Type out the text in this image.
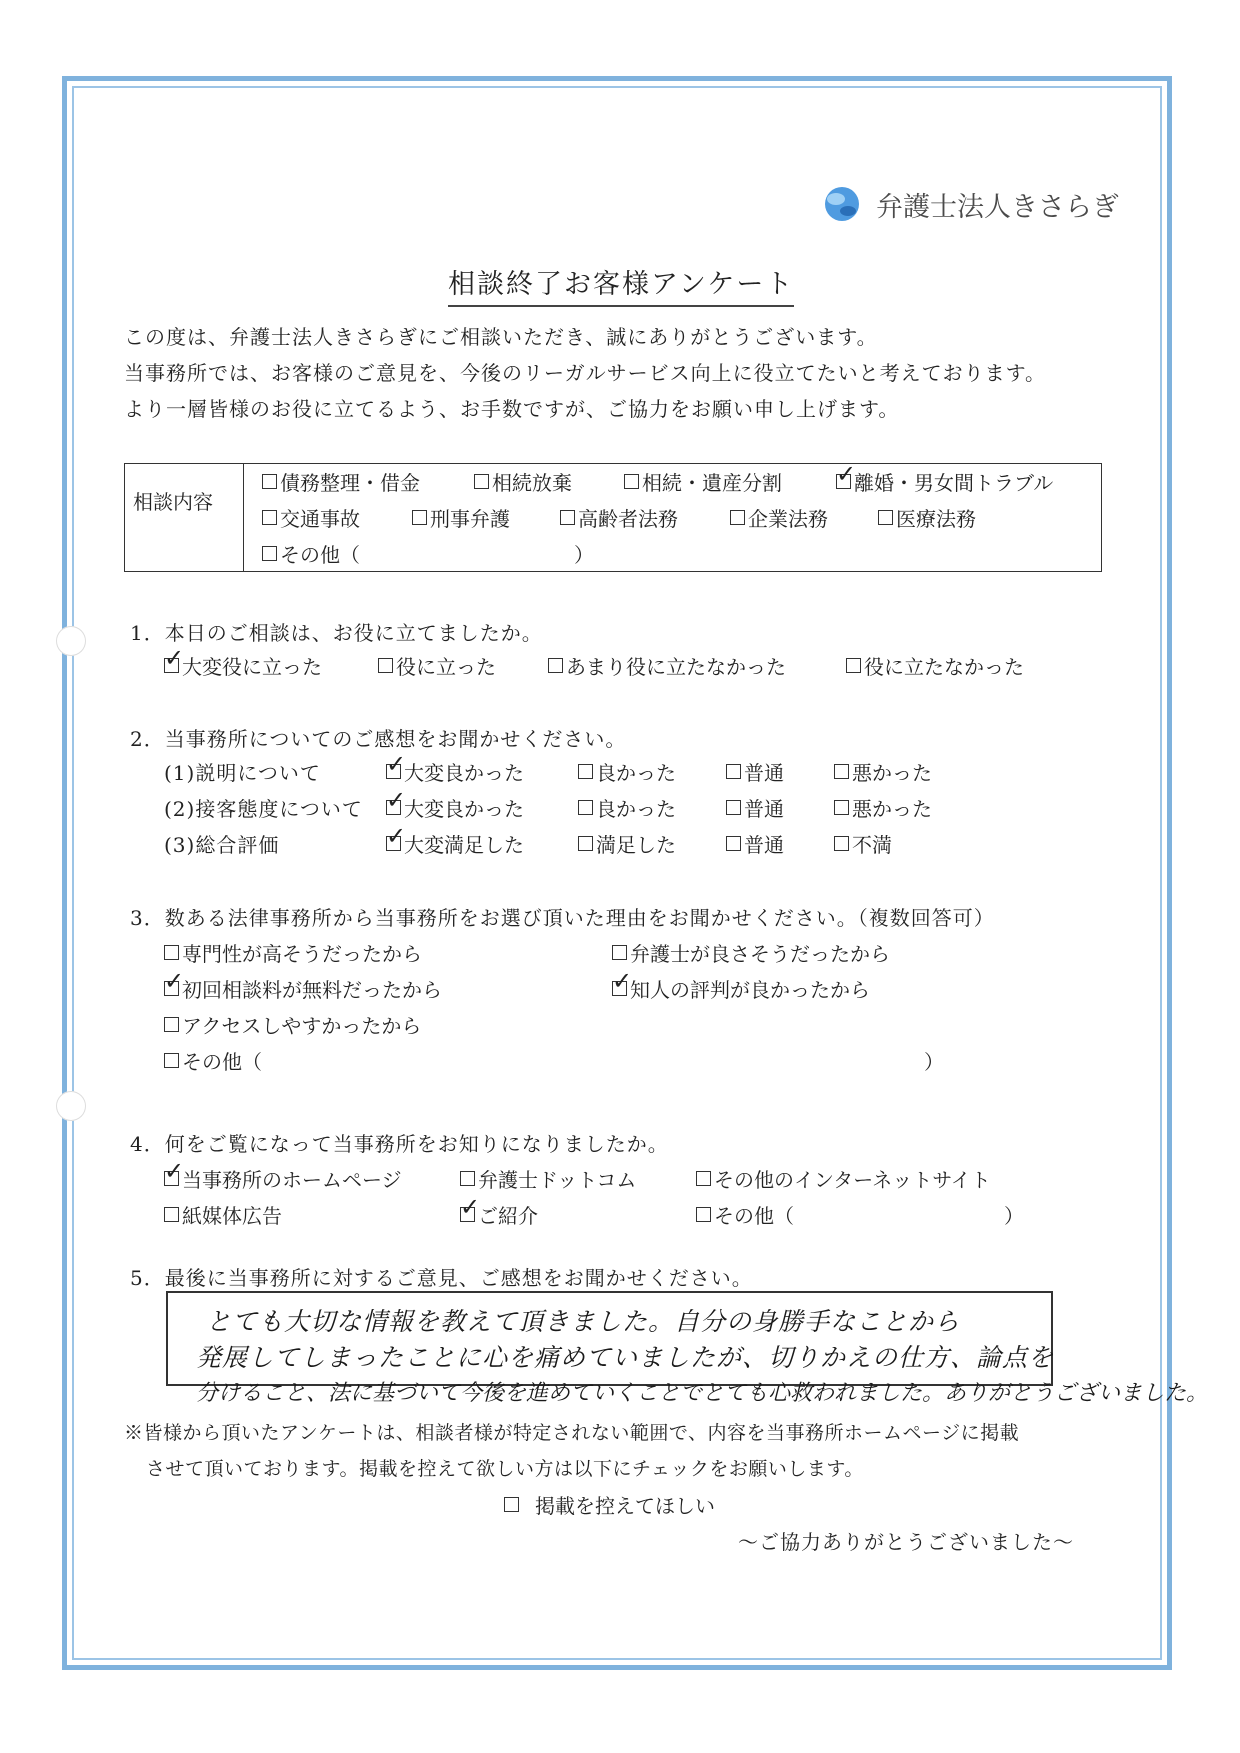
弁護士法人きさらぎ
相談終了お客様アンケート
この度は、弁護士法人きさらぎにご相談いただき、誠にありがとうございます。
当事務所では、お客様のご意見を、今後のリーガルサービス向上に役立てたいと考えております。
より一層皆様のお役に立てるよう、お手数ですが、ご協力をお願い申し上げます。
相談内容
債務整理・借金	相続放棄	相続・遺産分割 ✓	離婚・男女間トラブル
交通事故	刑事弁護	高齢者法務	企業法務	医療法務
その他（	）
1．本日のご相談は、お役に立てましたか。
✓
大変役に立った	役に立った	あまり役に立たなかった	役に立たなかった
2．当事務所についてのご感想をお聞かせください。
(1)説明について ✓	大変良かった	良かった	普通	悪かった
(2)接客態度について ✓ 大変良かった	良かった	普通	悪かった
(3)総合評価 ✓	大変満足した	満足した	普通	不満
3．数ある法律事務所から当事務所をお選び頂いた理由をお聞かせください。（複数回答可）
専門性が高そうだったから	弁護士が良さそうだったから
✓
初回相談料が無料だったから ✓	知人の評判が良かったから
アクセスしやすかったから
その他（	）
4．何をご覧になって当事務所をお知りになりましたか。
✓
当事務所のホームページ	弁護士ドットコム	その他のインターネットサイト
紙媒体広告 ✓	ご紹介	その他（	）
5．最後に当事務所に対するご意見、ご感想をお聞かせください。
とても大切な情報を教えて頂きました。自分の身勝手なことから
発展してしまったことに心を痛めていましたが、切りかえの仕方、論点を
分けること、法に基づいて今後を進めていくことでとても心救われました。ありがとうございました。
※皆様から頂いたアンケートは、相談者様が特定されない範囲で、内容を当事務所ホームページに掲載
させて頂いております。掲載を控えて欲しい方は以下にチェックをお願いします。
掲載を控えてほしい
～ご協力ありがとうございました～
